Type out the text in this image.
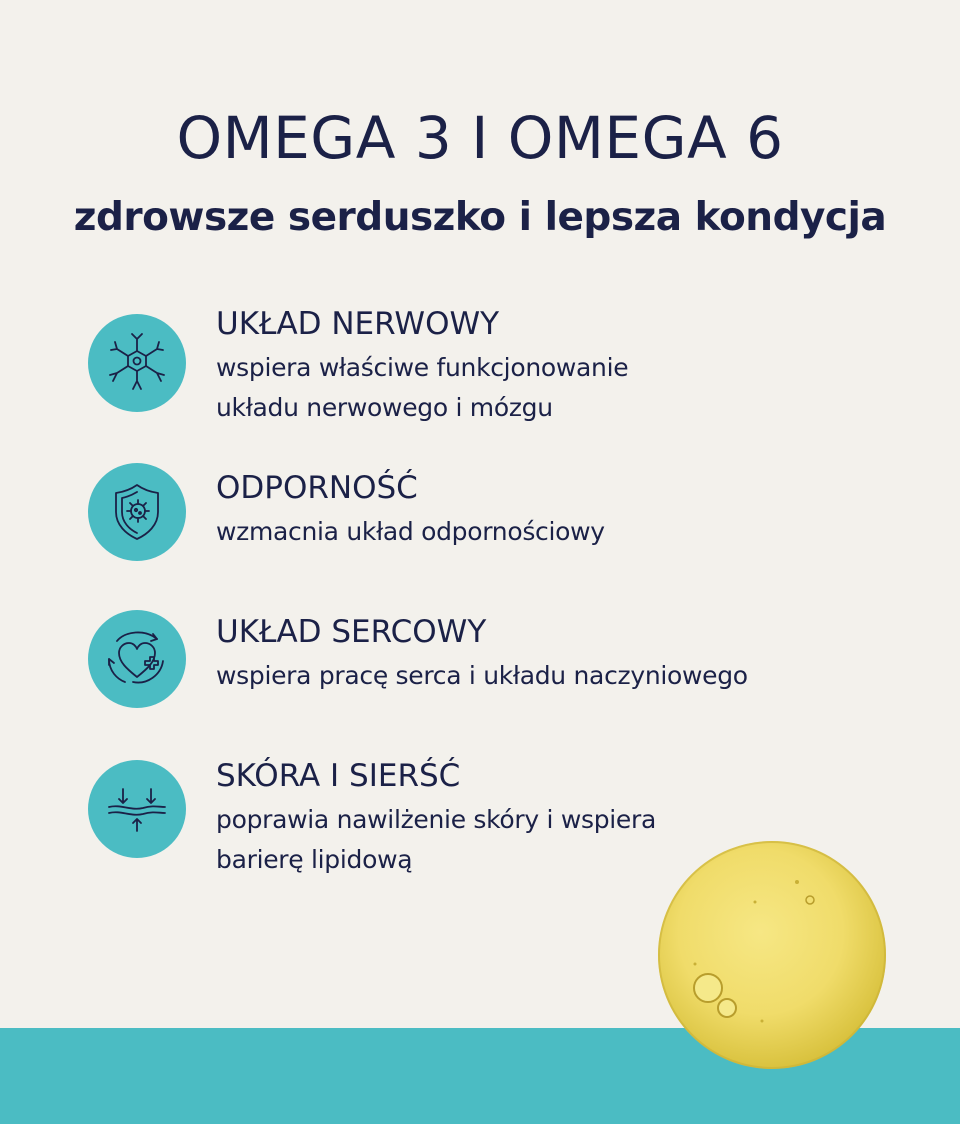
OMEGA 3 I OMEGA 6
zdrowsze serduszko i lepsza kondycja
UKŁAD NERWOWY

wspiera właściwe funkcjonowanie
układu nerwowego i mózgu

ODPORNOŚĆ

wzmacnia układ odpornościowy

UKŁAD SERCOWY

wspiera pracę serca i układu naczyniowego

SKÓRA I SIERŚĆ

poprawia nawilżenie skóry i wspiera
barierę lipidową
